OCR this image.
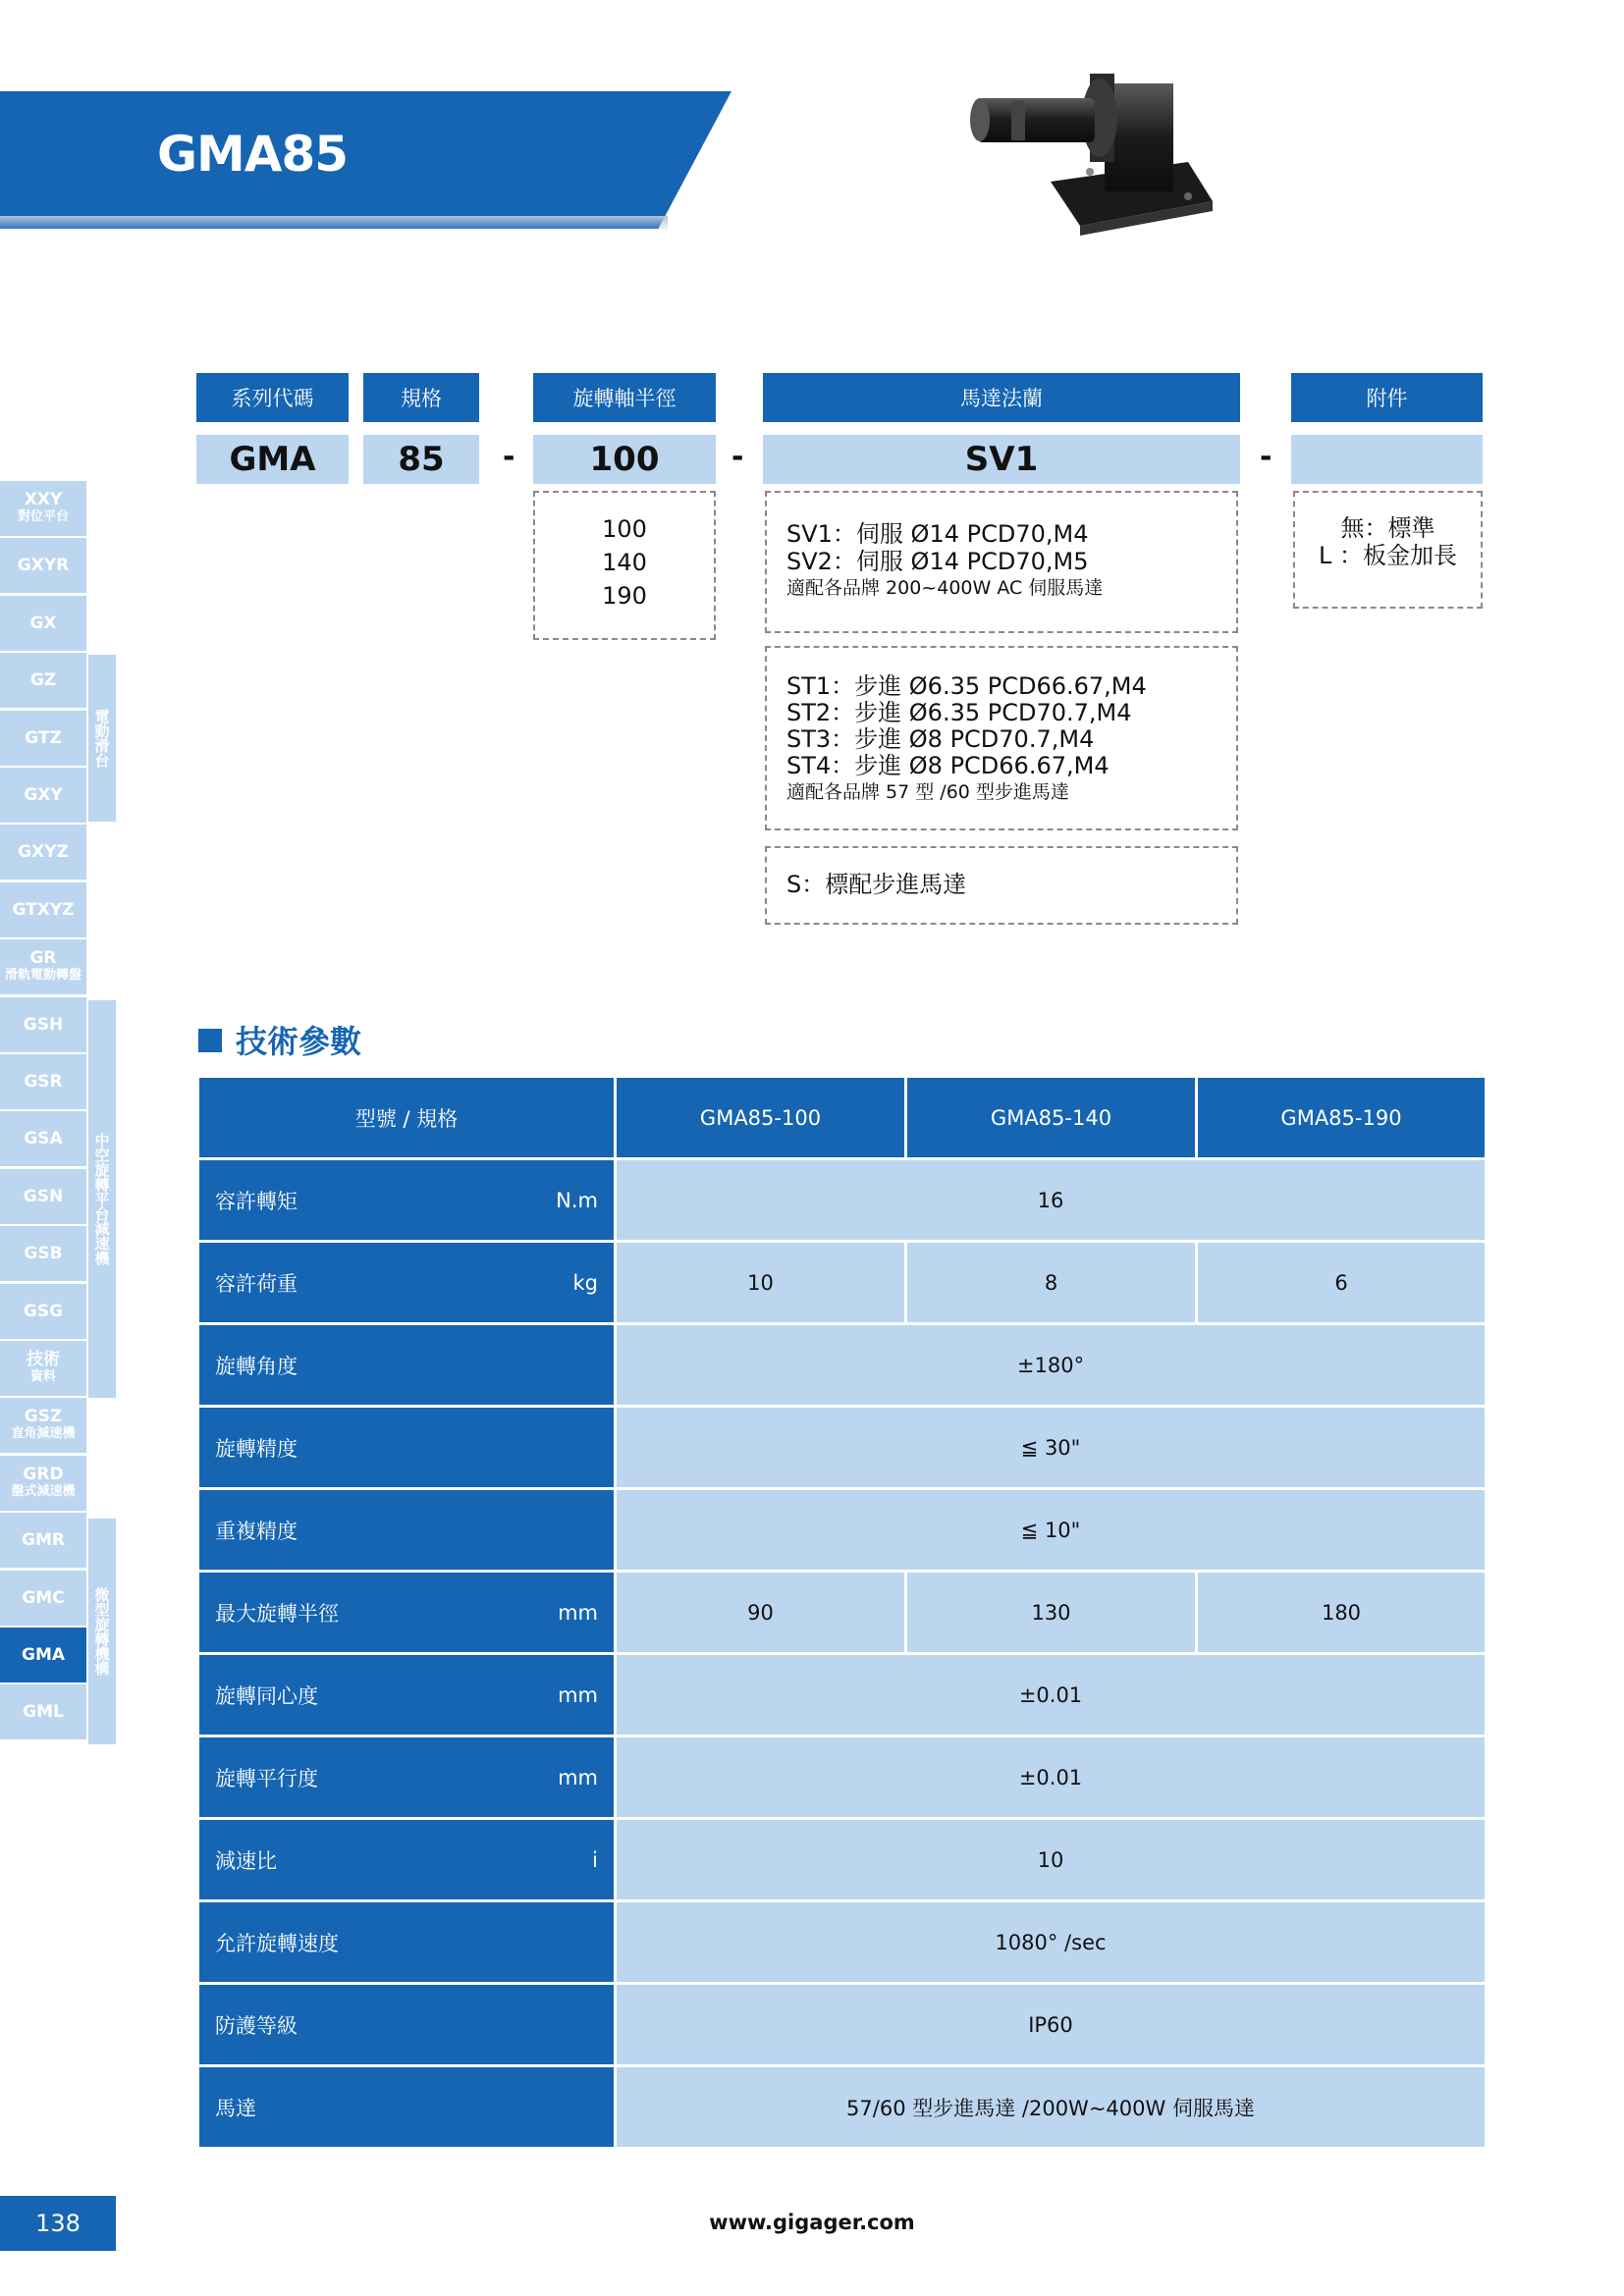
GMA85
系列代碼	規格	旋轉軸半徑	馬達法蘭	附件
GMA	85	-	100	-	SV1	-
100
140
190
SV1：伺服 Ø14 PCD70,M4
SV2：伺服 Ø14 PCD70,M5
適配各品牌 200~400W AC 伺服馬達
ST1：步進 Ø6.35 PCD66.67,M4
ST2：步進 Ø6.35 PCD70.7,M4
ST3：步進 Ø8 PCD70.7,M4
ST4：步進 Ø8 PCD66.67,M4
適配各品牌 57 型 /60 型步進馬達
S：標配步進馬達
無：標準
L ：板金加長
技術參數
型號 / 規格	GMA85-100	GMA85-140	GMA85-190

容許轉矩 N.m	16		

容許荷重 kg	10	8	6

旋轉角度	±180°		

旋轉精度	≦ 30"		

重複精度	≦ 10"		

最大旋轉半徑 mm	90	130	180

旋轉同心度 mm	±0.01		

旋轉平行度 mm	±0.01		

減速比 i	10		

允許旋轉速度	1080° /sec		

防護等級	IP60		

馬達	57/60 型步進馬達 /200W~400W 伺服馬達		
XXY
對位平台
GXYR
GX
GZ
GTZ
GXY
GXYZ
GTXYZ
GR
滑軌電動轉盤
GSH
GSR
GSA
GSN
GSB
GSG
技術
資料
GSZ
直角減速機
GRD
盤式減速機
GMR
GMC
GMA
GML
電動滑台
中空旋轉平台減速機
微型旋轉機構
138	www.gigager.com
